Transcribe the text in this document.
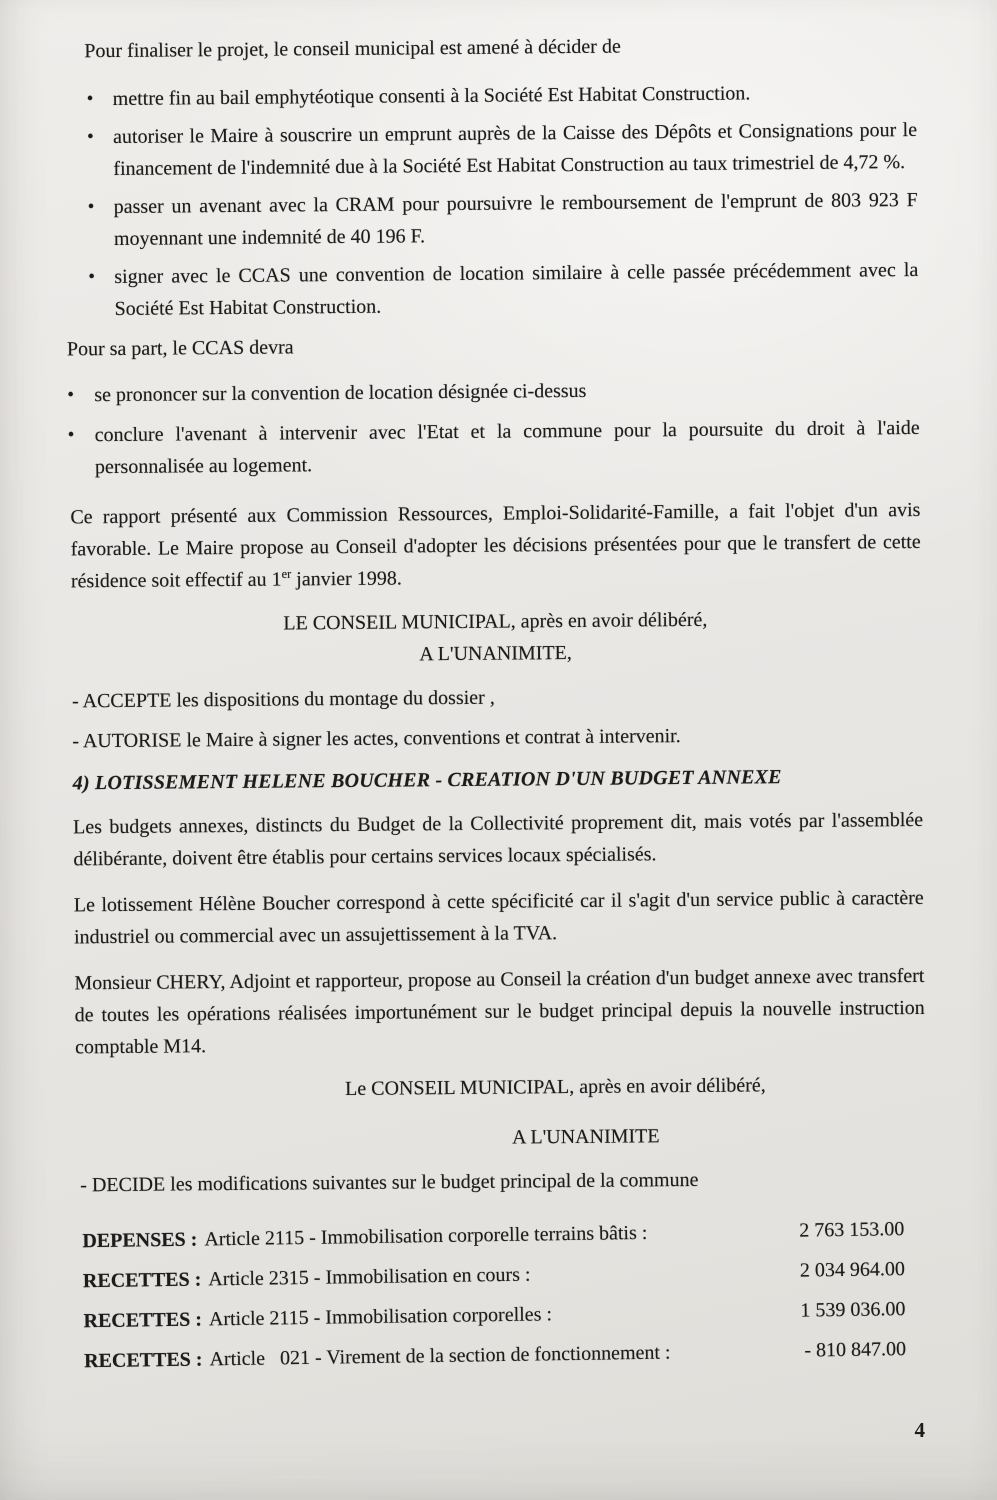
Pour finaliser le projet, le conseil municipal est amené à décider de

• mettre fin au bail emphytéotique consenti à la Société Est Habitat Construction.
• autoriser le Maire à souscrire un emprunt auprès de la Caisse des Dépôts et Consignations pour le financement de l'indemnité due à la Société Est Habitat Construction au taux trimestriel de 4,72 %.
• passer un avenant avec la CRAM pour poursuivre le remboursement de l'emprunt de 803 923 F moyennant une indemnité de 40 196 F.
• signer avec le CCAS une convention de location similaire à celle passée précédemment avec la Société Est Habitat Construction.

Pour sa part, le CCAS devra

•	se prononcer sur la convention de location désignée ci-dessus
•	conclure l'avenant à intervenir avec l'Etat et la commune pour la poursuite du droit à l'aide personnalisée au logement.

Ce rapport présenté aux Commission Ressources, Emploi-Solidarité-Famille, a fait l'objet d'un avis favorable. Le Maire propose au Conseil d'adopter les décisions présentées pour que le transfert de cette résidence soit effectif au 1er janvier 1998.

LE CONSEIL MUNICIPAL, après en avoir délibéré,

A L'UNANIMITE,

- ACCEPTE les dispositions du montage du dossier ,

- AUTORISE le Maire à signer les actes, conventions et contrat à intervenir.

4) LOTISSEMENT HELENE BOUCHER - CREATION D'UN BUDGET ANNEXE

Les budgets annexes, distincts du Budget de la Collectivité proprement dit, mais votés par l'assemblée délibérante, doivent être établis pour certains services locaux spécialisés.

Le lotissement Hélène Boucher correspond à cette spécificité car il s'agit d'un service public à caractère industriel ou commercial avec un assujettissement à la TVA.

Monsieur CHERY, Adjoint et rapporteur, propose au Conseil la création d'un budget annexe avec transfert de toutes les opérations réalisées importunément sur le budget principal depuis la nouvelle instruction comptable M14.

Le CONSEIL MUNICIPAL, après en avoir délibéré,

A L'UNANIMITE

- DECIDE les modifications suivantes sur le budget principal de la commune

DEPENSES : Article 2115 - Immobilisation corporelle terrains bâtis :	2 763 153.00
RECETTES : Article 2315 - Immobilisation en cours :	2 034 964.00
RECETTES : Article 2115 - Immobilisation corporelles :	1 539 036.00
RECETTES : Article   021 - Virement de la section de fonctionnement :	- 810 847.00
4
